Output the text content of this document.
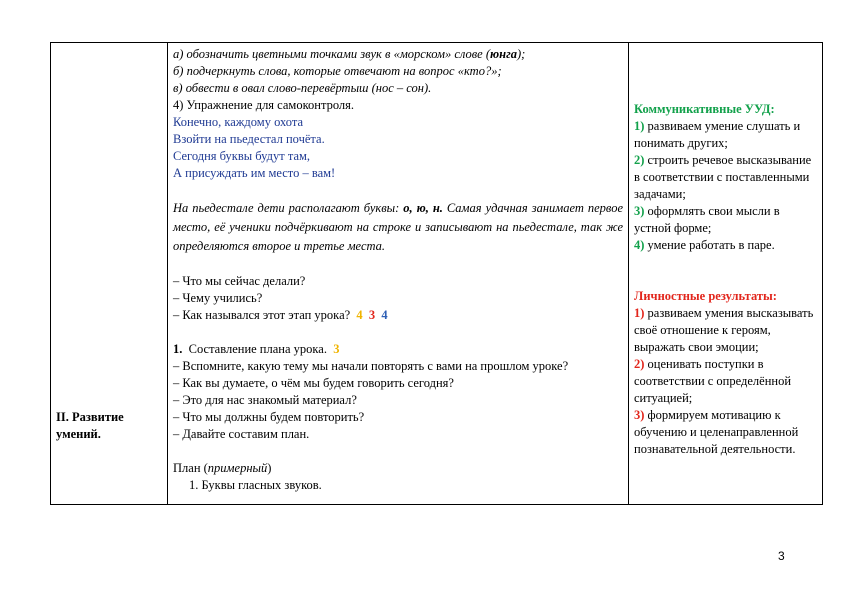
II. Развитие умений.
а) обозначить цветными точками звук в «морском» слове (юнга);
б) подчеркнуть слова, которые отвечают на вопрос «кто?»;
в) обвести в овал слово-перевёртыш (нос – сон).
4) Упражнение для самоконтроля.
Конечно, каждому охота
Взойти на пьедестал почёта.
Сегодня буквы будут там,
А присуждать им место – вам!
На пьедестале дети располагают буквы: о, ю, н. Самая удачная занимает первое место, её ученики подчёркивают на строке и записывают на пьедестале, так же определяются второе и третье места.
– Что мы сейчас делали?
– Чему учились?
– Как назывался этот этап урока? 4 3 4
1. Составление плана урока. 3
– Вспомните, какую тему мы начали повторять с вами на прошлом уроке?
– Как вы думаете, о чём мы будем говорить сегодня?
– Это для нас знакомый материал?
– Что мы должны будем повторить?
– Давайте составим план.
План (примерный)
1. Буквы гласных звуков.
Коммуникативные УУД:
1) развиваем умение слушать и понимать других;
2) строить речевое высказывание в соответствии с поставленными задачами;
3) оформлять свои мысли в устной форме;
4) умение работать в паре.
Личностные результаты:
1) развиваем умения высказывать своё отношение к героям, выражать свои эмоции;
2) оценивать поступки в соответствии с определённой ситуацией;
3) формируем мотивацию к обучению и целенаправленной познавательной деятельности.
3
